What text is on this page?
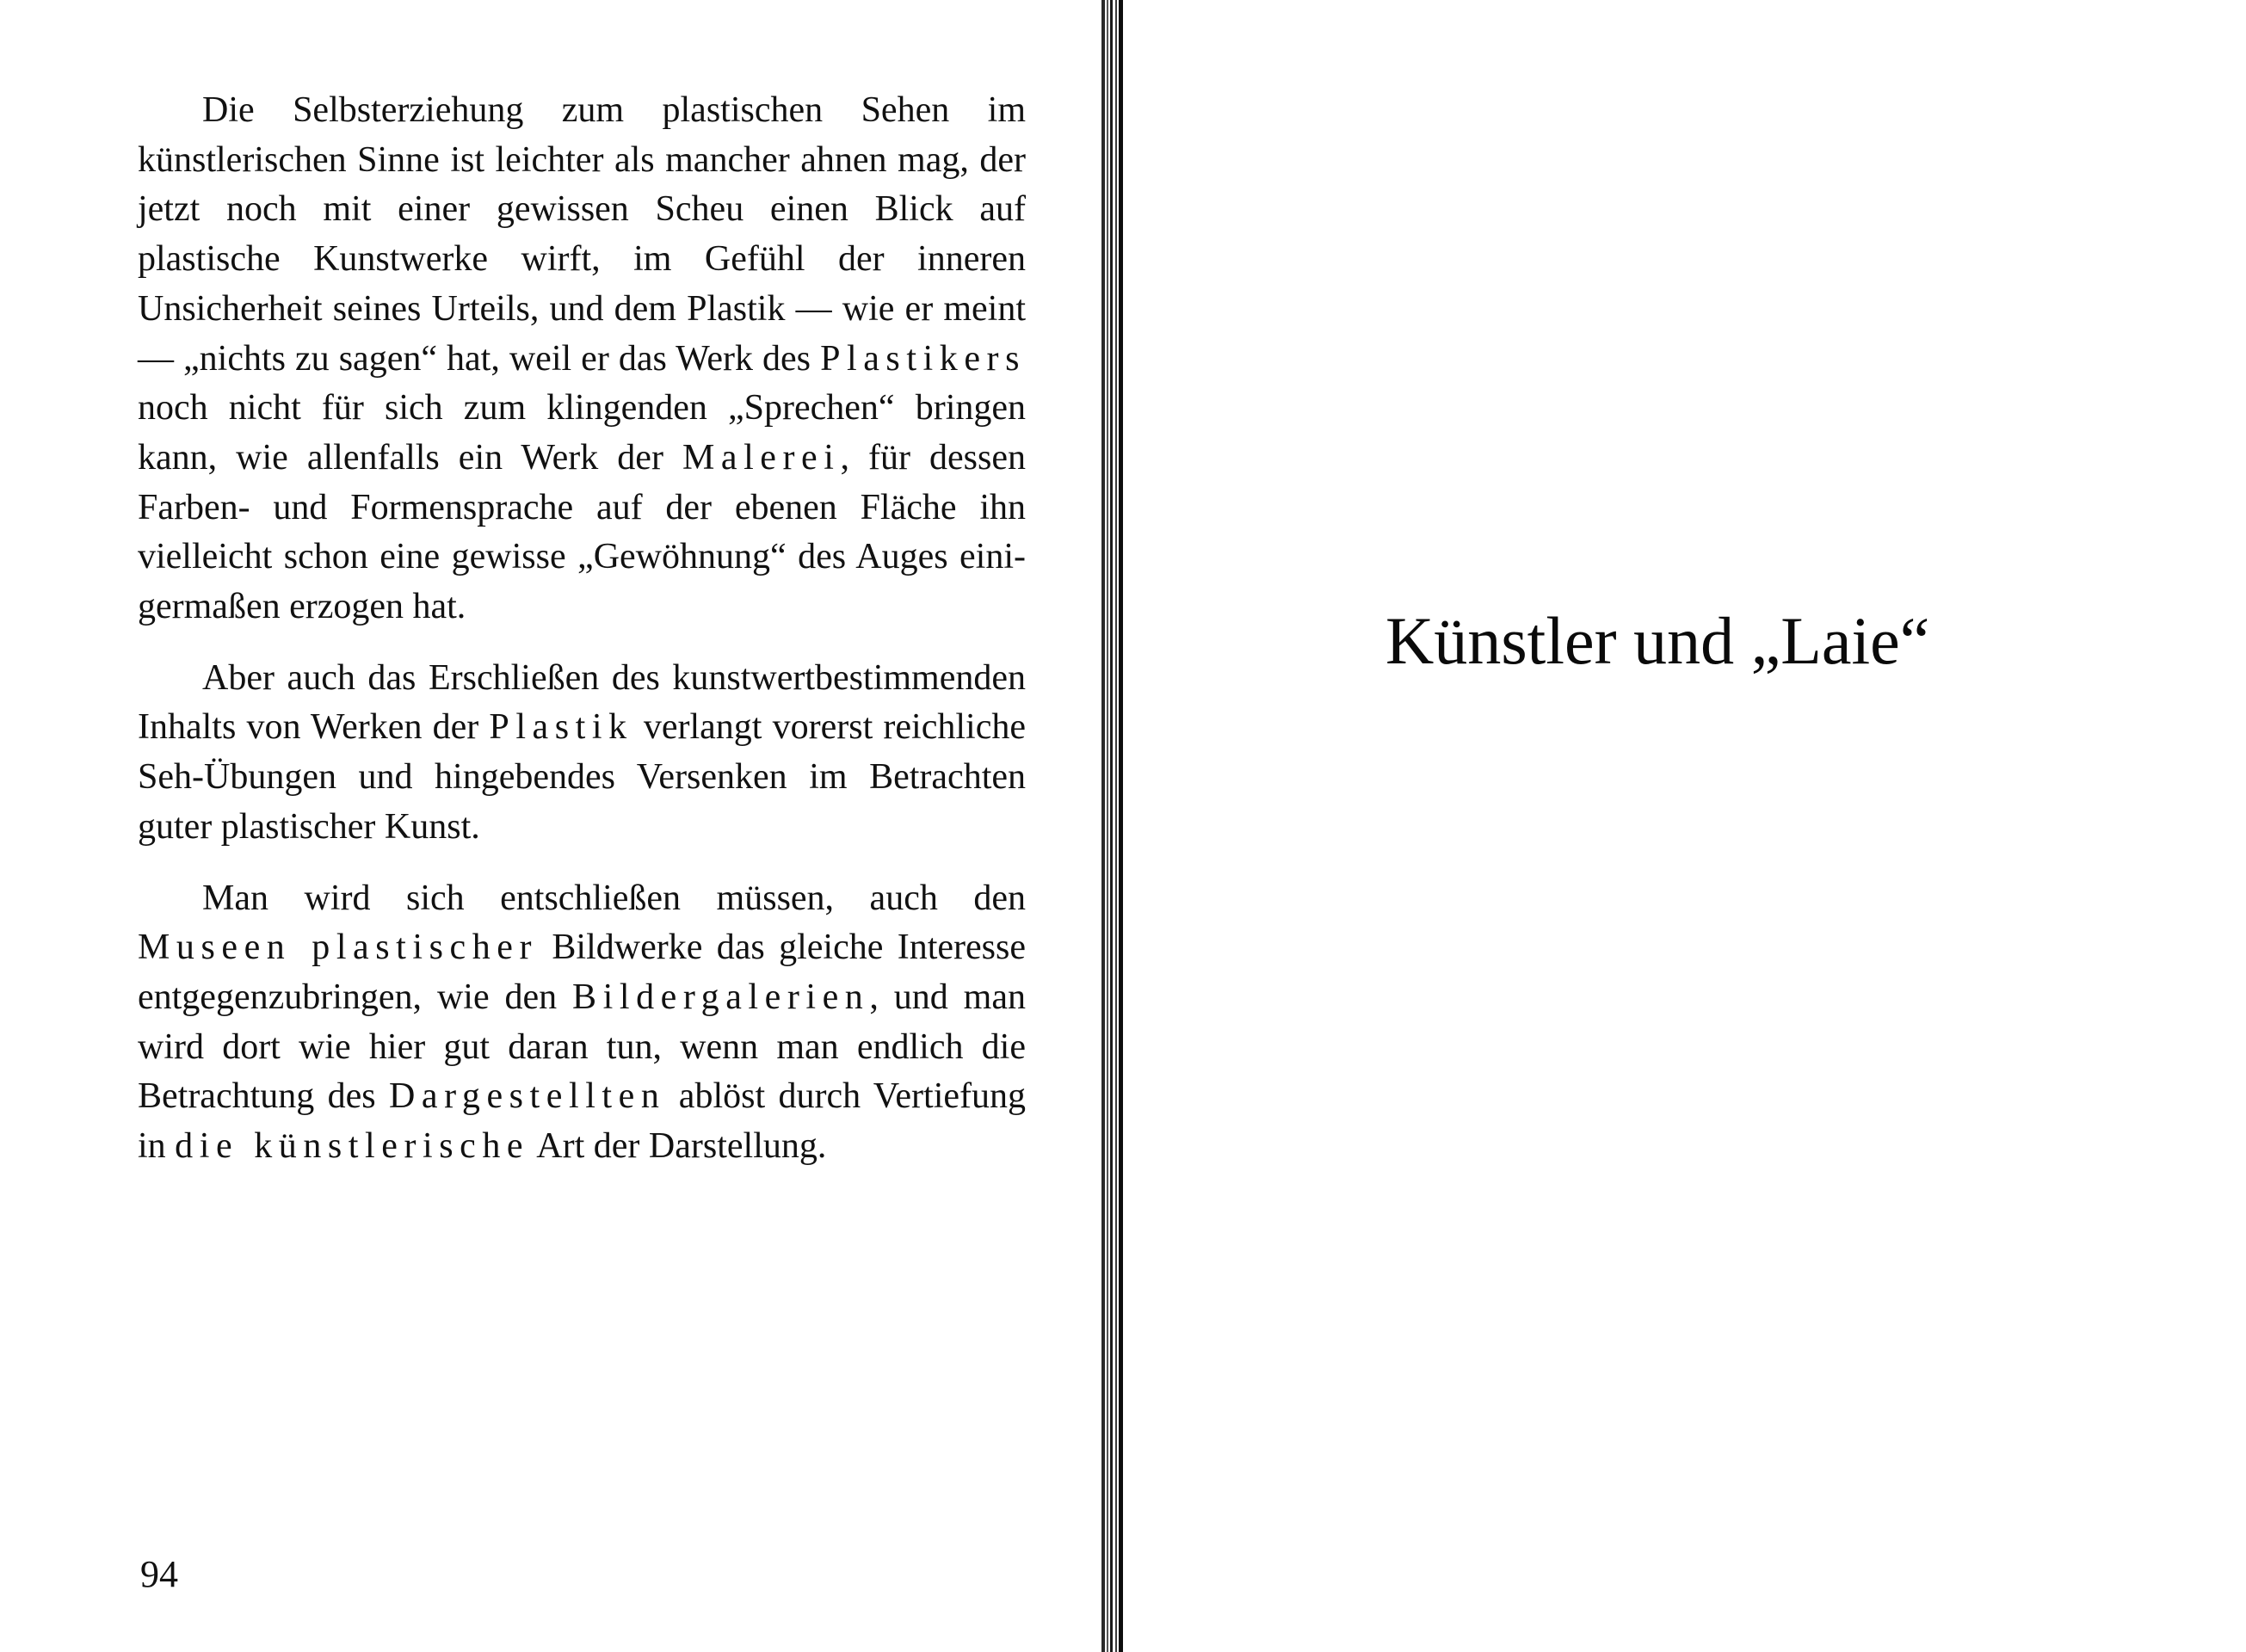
Die Selbsterziehung zum plastischen Sehen im künstlerischen Sinne ist leichter als mancher ahnen mag, der jetzt noch mit einer gewissen Scheu einen Blick auf plastische Kunstwerke wirft, im Gefühl der inneren Unsicherheit seines Urteils, und dem Plastik — wie er meint — „nichts zu sagen“ hat, weil er das Werk des Plastikers noch nicht für sich zum klingenden „Sprechen“ bringen kann, wie allenfalls ein Werk der Malerei, für dessen Farben- und Formensprache auf der ebenen Fläche ihn vielleicht schon eine gewisse „Gewöhnung“ des Auges einigermaßen erzogen hat.

Aber auch das Erschließen des kunstwertbestimmenden Inhalts von Werken der Plastik verlangt vorerst reichliche Seh-Übungen und hingebendes Versenken im Betrachten guter plastischer Kunst.

Man wird sich entschließen müssen, auch den Museen plastischer Bildwerke das gleiche Interesse entgegenzubringen, wie den Bildergalerien, und man wird dort wie hier gut daran tun, wenn man endlich die Betrachtung des Dargestellten ablöst durch Vertiefung in die künstlerische Art der Darstellung.

94
Künstler und „Laie“
